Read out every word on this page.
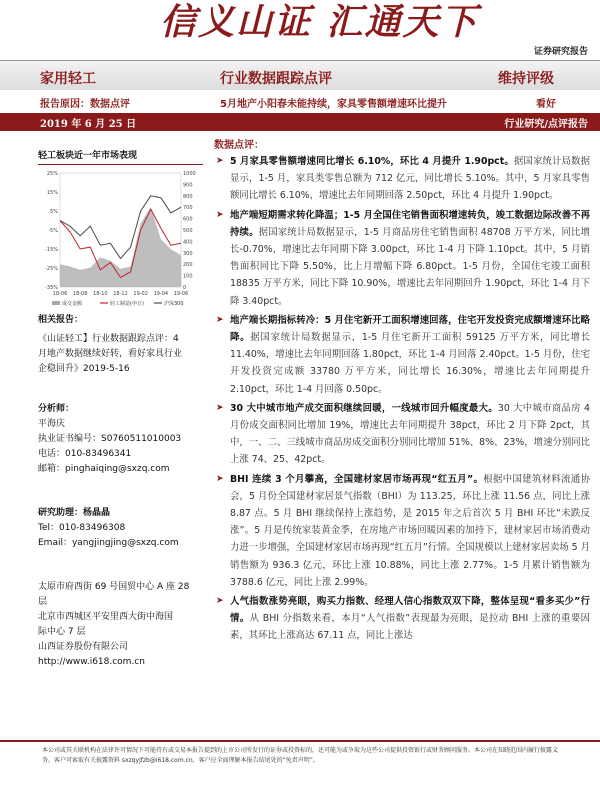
信义山证 汇通天下
证券研究报告
家用轻工	行业数据跟踪点评	维持评级
报告原因：数据点评	5月地产小阳春未能持续，家具零售额增速环比提升	看好
2019 年 6 月 25 日	行业研究/点评报告
轻工板块近一年市场表现
25%
15%
5%
-5%
-15%
-25%
-35%
1000
900
800
700
600
500
400
300
200
100
0
18-06 18-08 18-10 18-12 19-02 19-04 19-06
成交金额	轻工制造(申万)	沪深300
相关报告：
《山证轻工】行业数据跟踪点评：4
月地产数据继续好转，看好家具行业
企稳回升》2019-5-16
分析师：
平海庆
执业证书编号：S0760511010003
电话：010-83496341
邮箱：pinghaiqing@sxzq.com
研究助理：杨晶晶
Tel：010-83496308
Email：yangjingjing@sxzq.com
太原市府西街 69 号国贸中心 A 座 28
层
北京市西城区平安里西大街中海国
际中心 7 层
山西证券股份有限公司
http://www.i618.com.cn
数据点评：
➤ 5 月家具零售额增速同比增长 6.10%，环比 4 月提升 1.90pct。据国家统计局数据显示，1-5 月，家具类零售总额为 712 亿元，同比增长 5.10%。其中，5 月家具零售额同比增长 6.10%，增速比去年同期回落 2.50pct，环比 4 月提升 1.90pct。
➤ 地产端短期需求转化降温；1-5 月全国住宅销售面积增速转负，竣工数据边际改善不再持续。据国家统计局数据显示，1-5 月商品房住宅销售面积 48708 万平方米，同比增长-0.70%，增速比去年同期下降 3.00pct，环比 1-4 月下降 1.10pct。其中，5 月销售面积同比下降 5.50%，比上月增幅下降 6.80pct。1-5 月份，全国住宅竣工面积 18835 万平方米，同比下降 10.90%，增速比去年同期回升 1.90pct，环比 1-4 月下降 3.40pct。
➤ 地产端长期指标转冷：5 月住宅新开工面积增速回落，住宅开发投资完成额增速环比略降。据国家统计局数据显示，1-5 月住宅新开工面积 59125 万平方米，同比增长 11.40%，增速比去年同期回落 1.80pct，环比 1-4 月回落 2.40pct。1-5 月份，住宅开发投资完成额 33780 万平方米，同比增长 16.30%，增速比去年同期提升 2.10pct，环比 1-4 月回落 0.50pc。
➤ 30 大中城市地产成交面积继续回暖，一线城市回升幅度最大。30 大中城市商品房 4 月份成交面积同比增加 19%，增速比去年同期提升 38pct，环比 2 月下降 2pct，其中，一、二、三线城市商品房成交面积分别同比增加 51%、8%、23%，增速分别同比上涨 74、25、42pct。
➤ BHI 连续 3 个月攀高，全国建材家居市场再现“红五月”。根据中国建筑材料流通协会，5 月份全国建材家居景气指数（BHI）为 113.25，环比上涨 11.56 点，同比上涨 8.87 点。5 月 BHI 继续保持上涨趋势，是 2015 年之后首次 5 月 BHI 环比“未跌反涨”。5 月是传统家装黄金季，在房地产市场回暖因素的加持下，建材家居市场消费动力进一步增强，全国建材家居市场再现“红五月”行情。全国规模以上建材家居卖场 5 月销售额为 936.3 亿元，环比上涨 10.88%，同比上涨 2.77%。1-5 月累计销售额为 3788.6 亿元，同比上涨 2.99%。
➤ 人气指数涨势亮眼，购买力指数、经理人信心指数双双下降，整体呈现“看多买少”行情。从 BHI 分指数来看，本月“人气指数”表现最为亮眼，是拉动 BHI 上涨的重要因素，其环比上涨高达 67.11 点，同比上涨达
本公司或其关联机构在法律许可情况下可能持有或交易本报告提到的上市公司所发行的证券或投资标的，还可能为或争取为这些公司提供投资银行或财务顾问服务。本公司在知晓范围内履行披露义务。客户可索取有关披露资料 sxzqyjfzb@i618.com.cn，客户应全面理解本报告结尾处的“免责声明”。
